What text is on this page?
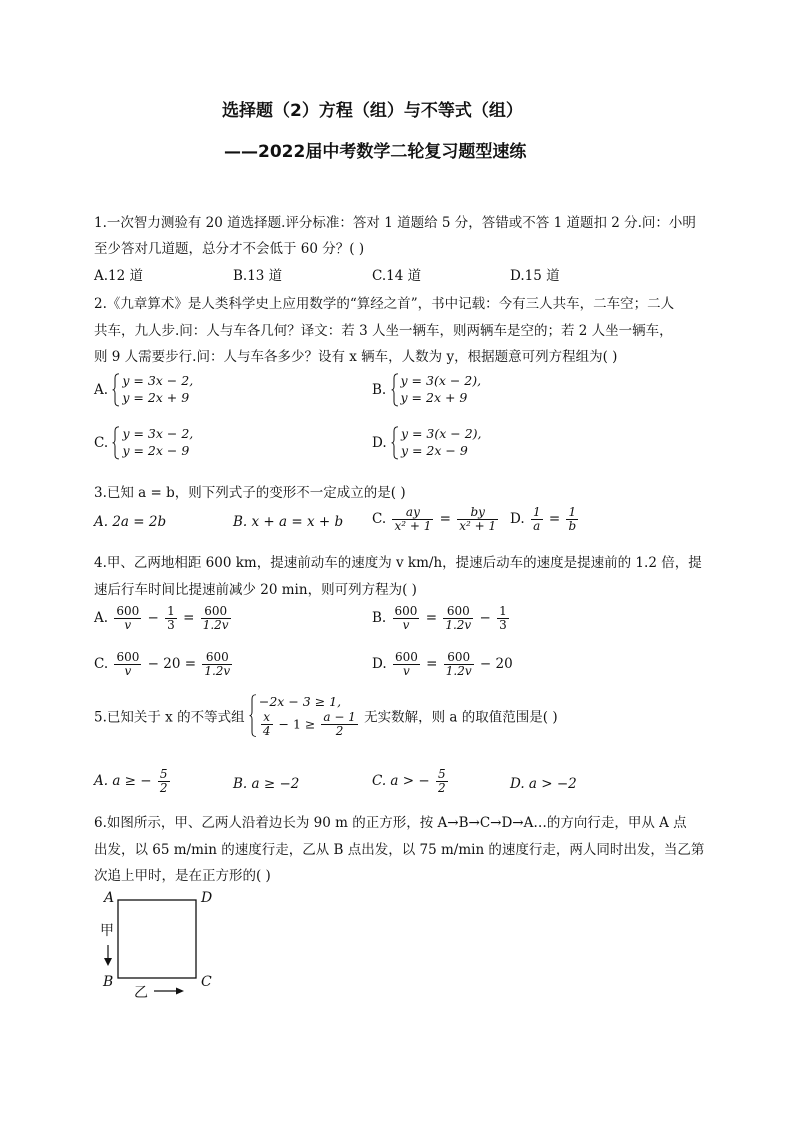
选择题（2）方程（组）与不等式（组）
——2022届中考数学二轮复习题型速练
1.一次智力测验有 20 道选择题.评分标准：答对 1 道题给 5 分，答错或不答 1 道题扣 2 分.问：小明
至少答对几道题，总分才不会低于 60 分？( )
A.12 道	B.13 道	C.14 道	D.15 道
2.《九章算术》是人类科学史上应用数学的“算经之首”，书中记载：今有三人共车，二车空；二人
共车，九人步.问：人与车各几何？译文：若 3 人坐一辆车，则两辆车是空的；若 2 人坐一辆车，
则 9 人需要步行.问：人与车各多少？设有 x 辆车，人数为 y，根据题意可列方程组为( )
A.
y = 3x − 2,
y = 2x + 9	B.
y = 3(x − 2),
y = 2x + 9
C.
y = 3x − 2,
y = 2x − 9	D.
y = 3(x − 2),
y = 2x − 9
3.已知 a = b，则下列式子的变形不一定成立的是( )
A. 2a = 2b	B. x + a = x + b C. $\frac{ay}{\text{x² + 1}} = \frac{by}{\text{x² + 1}} D$. $\frac{1}{a} = \frac{1}{b}$
4.甲、乙两地相距 600 km，提速前动车的速度为 v km/h，提速后动车的速度是提速前的 1.2 倍，提
速后行车时间比提速前减少 20 min，则可列方程为( )
A. $\frac{600}{v} - \frac{1}{3} = \frac{600}{1.2v}$	B. $\frac{600}{v} = \frac{600}{1.2v} - \frac{1}{3}$
C. $\frac{600}{v} - 20 = \frac{600}{1.2v}$	D. $\frac{600}{v} = \frac{600}{1.2v} - 20$
5.已知关于 x 的不等式组
−2x − 3 ≥ 1,
$\frac{x}{4} - 1 \ge \frac{a - 1}{2}$ 无实数解，则 a 的取值范围是( )
A. a ≥ − $\frac{5}{2}$	B. a ≥ −2	C. a > − $\frac{5}{2}$	D. a > −2
6.如图所示，甲、乙两人沿着边长为 90 m 的正方形，按 A→B→C→D→A…的方向行走，甲从 A 点
出发，以 65 m/min 的速度行走，乙从 B 点出发，以 75 m/min 的速度行走，两人同时出发，当乙第
次追上甲时，是在正方形的( )
A	D
B	C
甲
乙
